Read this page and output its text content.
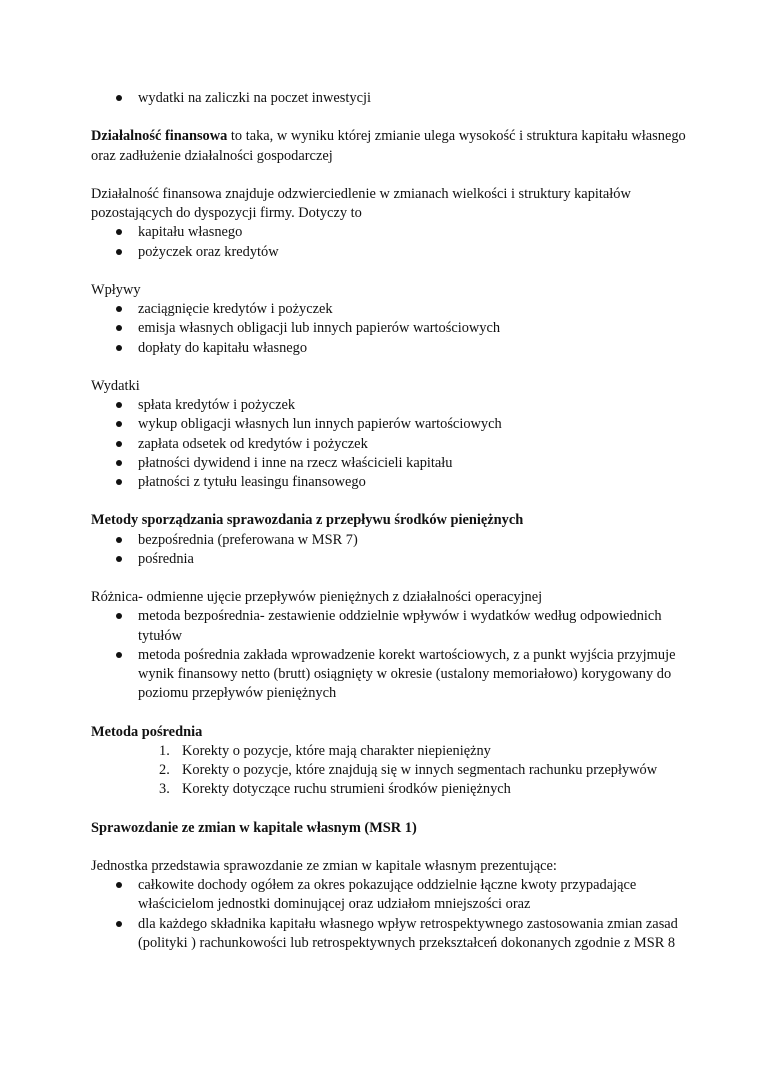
wydatki na zaliczki na poczet inwestycji

Działalność finansowa to taka, w wyniku której zmianie ulega wysokość i struktura kapitału własnego oraz zadłużenie działalności gospodarczej

Działalność finansowa znajduje odzwierciedlenie w zmianach wielkości i struktury kapitałów pozostających do dyspozycji firmy. Dotyczy to

kapitału własnego
pożyczek oraz kredytów

Wpływy

zaciągnięcie kredytów i pożyczek
emisja własnych obligacji lub innych papierów wartościowych
dopłaty do kapitału własnego

Wydatki

spłata kredytów i pożyczek
wykup obligacji własnych lun innych papierów wartościowych
zapłata odsetek od kredytów i pożyczek
płatności dywidend i inne na rzecz właścicieli kapitału
płatności z tytułu leasingu finansowego

Metody sporządzania sprawozdania z przepływu środków pieniężnych

bezpośrednia (preferowana w MSR 7)
pośrednia

Różnica- odmienne ujęcie przepływów pieniężnych z działalności operacyjnej

metoda bezpośrednia- zestawienie oddzielnie wpływów i wydatków według odpowiednich tytułów
metoda pośrednia zakłada wprowadzenie korekt wartościowych, z a punkt wyjścia przyjmuje wynik finansowy netto (brutt) osiągnięty w okresie (ustalony memoriałowo) korygowany do poziomu przepływów pieniężnych

Metoda pośrednia

1. Korekty o pozycje, które mają charakter niepieniężny
2. Korekty o pozycje, które znajdują się w innych segmentach rachunku przepływów
3. Korekty dotyczące ruchu strumieni środków pieniężnych

Sprawozdanie ze zmian w kapitale własnym (MSR 1)

Jednostka przedstawia sprawozdanie ze zmian w kapitale własnym prezentujące:

całkowite dochody ogółem za okres pokazujące oddzielnie łączne kwoty przypadające właścicielom jednostki dominującej oraz udziałom mniejszości oraz
dla każdego składnika kapitału własnego wpływ retrospektywnego zastosowania zmian zasad (polityki ) rachunkowości lub retrospektywnych przekształceń dokonanych zgodnie z MSR 8
